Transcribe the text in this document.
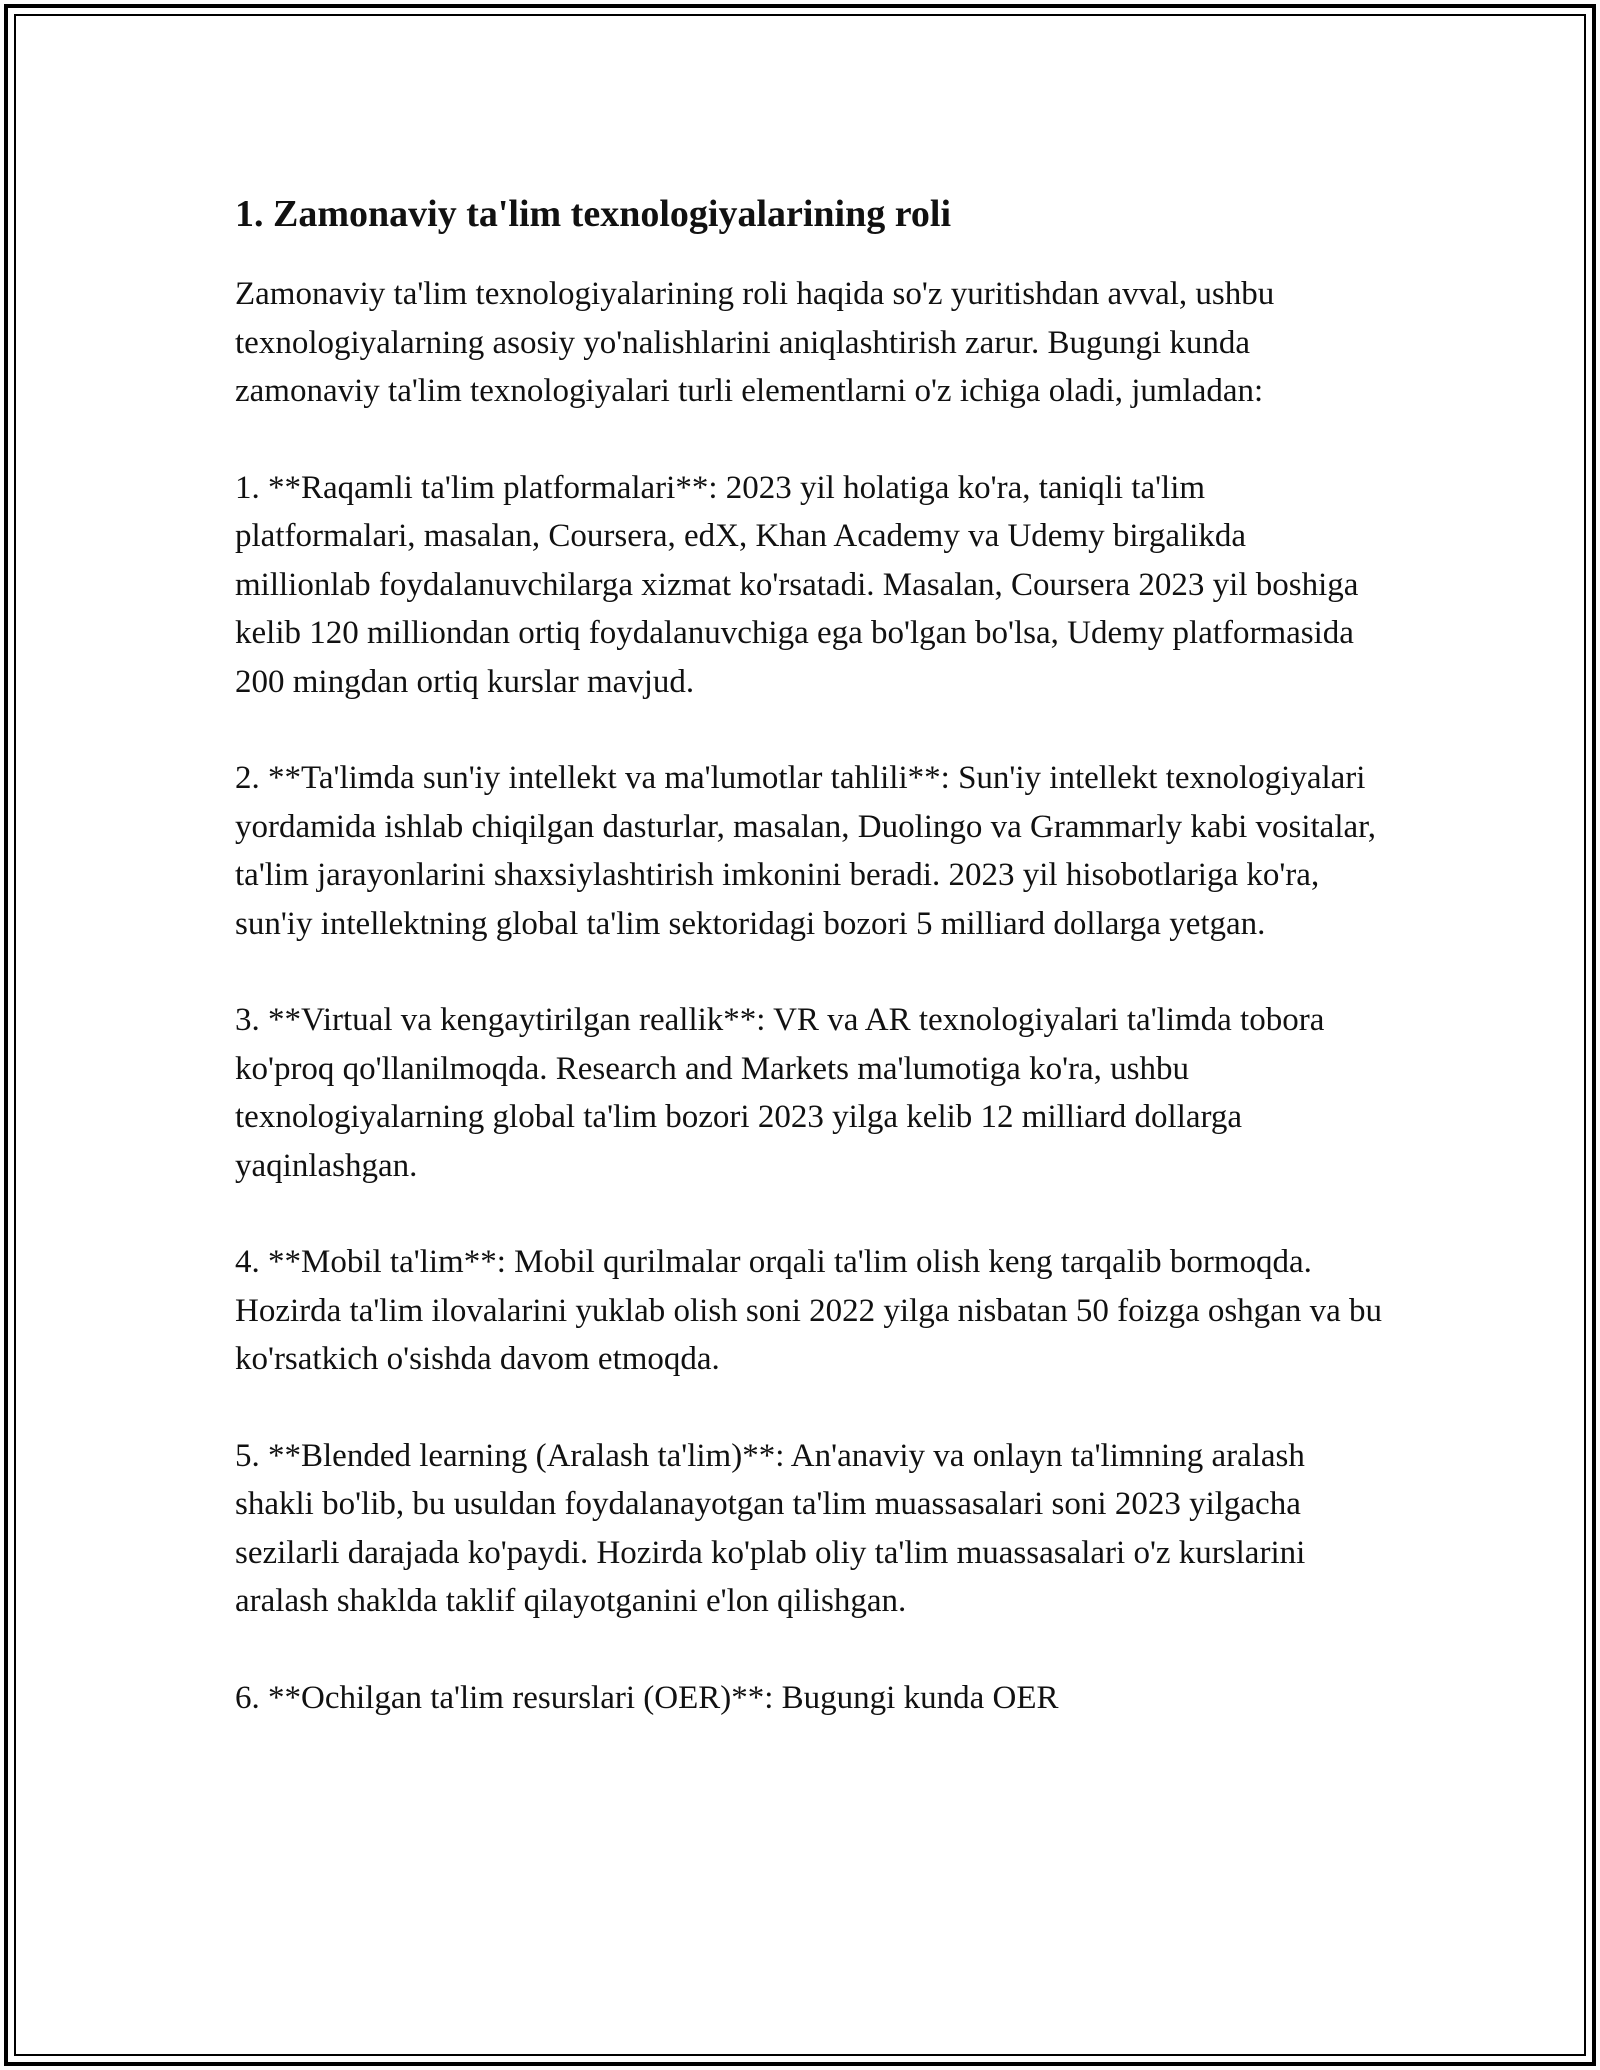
1. Zamonaviy ta'lim texnologiyalarining roli

Zamonaviy ta'lim texnologiyalarining roli haqida so'z yuritishdan avval, ushbu texnologiyalarning asosiy yo'nalishlarini aniqlashtirish zarur. Bugungi kunda zamonaviy ta'lim texnologiyalari turli elementlarni o'z ichiga oladi, jumladan:

1. **Raqamli ta'lim platformalari**: 2023 yil holatiga ko'ra, taniqli ta'lim platformalari, masalan, Coursera, edX, Khan Academy va Udemy birgalikda millionlab foydalanuvchilarga xizmat ko'rsatadi. Masalan, Coursera 2023 yil boshiga kelib 120 milliondan ortiq foydalanuvchiga ega bo'lgan bo'lsa, Udemy platformasida 200 mingdan ortiq kurslar mavjud.

2. **Ta'limda sun'iy intellekt va ma'lumotlar tahlili**: Sun'iy intellekt texnologiyalari yordamida ishlab chiqilgan dasturlar, masalan, Duolingo va Grammarly kabi vositalar, ta'lim jarayonlarini shaxsiylashtirish imkonini beradi. 2023 yil hisobotlariga ko'ra, sun'iy intellektning global ta'lim sektoridagi bozori 5 milliard dollarga yetgan.

3. **Virtual va kengaytirilgan reallik**: VR va AR texnologiyalari ta'limda tobora ko'proq qo'llanilmoqda. Research and Markets ma'lumotiga ko'ra, ushbu texnologiyalarning global ta'lim bozori 2023 yilga kelib 12 milliard dollarga yaqinlashgan.

4. **Mobil ta'lim**: Mobil qurilmalar orqali ta'lim olish keng tarqalib bormoqda. Hozirda ta'lim ilovalarini yuklab olish soni 2022 yilga nisbatan 50 foizga oshgan va bu ko'rsatkich o'sishda davom etmoqda.

5. **Blended learning (Aralash ta'lim)**: An'anaviy va onlayn ta'limning aralash shakli bo'lib, bu usuldan foydalanayotgan ta'lim muassasalari soni 2023 yilgacha sezilarli darajada ko'paydi. Hozirda ko'plab oliy ta'lim muassasalari o'z kurslarini aralash shaklda taklif qilayotganini e'lon qilishgan.

6. **Ochilgan ta'lim resurslari (OER)**: Bugungi kunda OER
